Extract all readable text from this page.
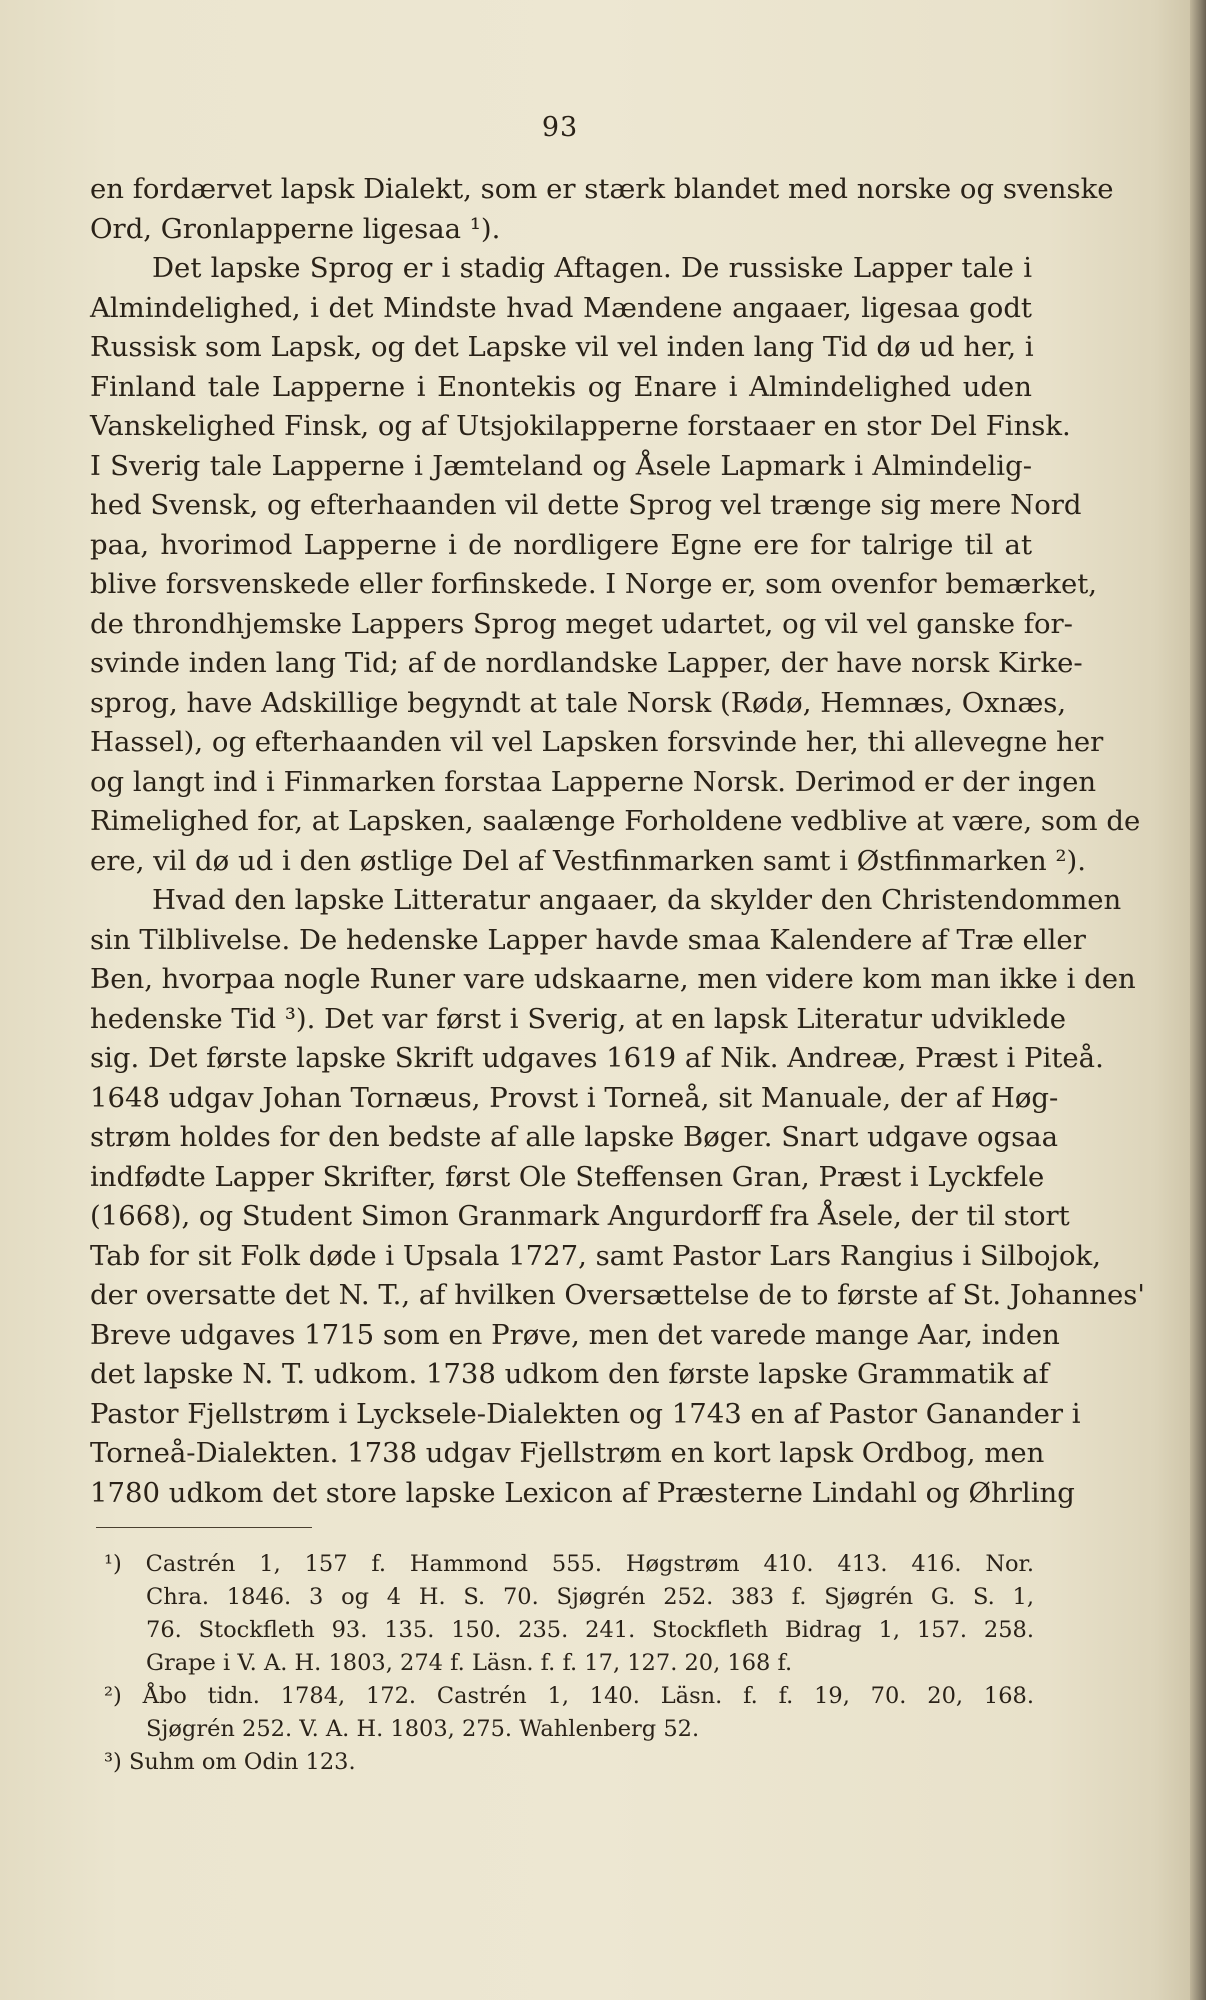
93
en fordærvet lapsk Dialekt, som er stærk blandet med norske og svenske
Ord, Gronlapperne ligesaa ¹).
Det lapske Sprog er i stadig Aftagen. De russiske Lapper tale i
Almindelighed, i det Mindste hvad Mændene angaaer, ligesaa godt
Russisk som Lapsk, og det Lapske vil vel inden lang Tid dø ud her, i
Finland tale Lapperne i Enontekis og Enare i Almindelighed uden
Vanskelighed Finsk, og af Utsjokilapperne forstaaer en stor Del Finsk.
I Sverig tale Lapperne i Jæmteland og Åsele Lapmark i Almindelig-
hed Svensk, og efterhaanden vil dette Sprog vel trænge sig mere Nord
paa, hvorimod Lapperne i de nordligere Egne ere for talrige til at
blive forsvenskede eller forfinskede. I Norge er, som ovenfor bemærket,
de throndhjemske Lappers Sprog meget udartet, og vil vel ganske for-
svinde inden lang Tid; af de nordlandske Lapper, der have norsk Kirke-
sprog, have Adskillige begyndt at tale Norsk (Rødø, Hemnæs, Oxnæs,
Hassel), og efterhaanden vil vel Lapsken forsvinde her, thi allevegne her
og langt ind i Finmarken forstaa Lapperne Norsk. Derimod er der ingen
Rimelighed for, at Lapsken, saalænge Forholdene vedblive at være, som de
ere, vil dø ud i den østlige Del af Vestfinmarken samt i Østfinmarken ²).
Hvad den lapske Litteratur angaaer, da skylder den Christendommen
sin Tilblivelse. De hedenske Lapper havde smaa Kalendere af Træ eller
Ben, hvorpaa nogle Runer vare udskaarne, men videre kom man ikke i den
hedenske Tid ³). Det var først i Sverig, at en lapsk Literatur udviklede
sig. Det første lapske Skrift udgaves 1619 af Nik. Andreæ, Præst i Piteå.
1648 udgav Johan Tornæus, Provst i Torneå, sit Manuale, der af Høg-
strøm holdes for den bedste af alle lapske Bøger. Snart udgave ogsaa
indfødte Lapper Skrifter, først Ole Steffensen Gran, Præst i Lyckfele
(1668), og Student Simon Granmark Angurdorff fra Åsele, der til stort
Tab for sit Folk døde i Upsala 1727, samt Pastor Lars Rangius i Silbojok,
der oversatte det N. T., af hvilken Oversættelse de to første af St. Johannes'
Breve udgaves 1715 som en Prøve, men det varede mange Aar, inden
det lapske N. T. udkom. 1738 udkom den første lapske Grammatik af
Pastor Fjellstrøm i Lycksele-Dialekten og 1743 en af Pastor Ganander i
Torneå-Dialekten. 1738 udgav Fjellstrøm en kort lapsk Ordbog, men
1780 udkom det store lapske Lexicon af Præsterne Lindahl og Øhrling
¹) Castrén 1, 157 f. Hammond 555. Høgstrøm 410. 413. 416. Nor.
Chra. 1846. 3 og 4 H. S. 70. Sjøgrén 252. 383 f. Sjøgrén G. S. 1,
76. Stockfleth 93. 135. 150. 235. 241. Stockfleth Bidrag 1, 157. 258.
Grape i V. A. H. 1803, 274 f. Läsn. f. f. 17, 127. 20, 168 f.
²) Åbo tidn. 1784, 172. Castrén 1, 140. Läsn. f. f. 19, 70. 20, 168.
Sjøgrén 252. V. A. H. 1803, 275. Wahlenberg 52.
³) Suhm om Odin 123.
